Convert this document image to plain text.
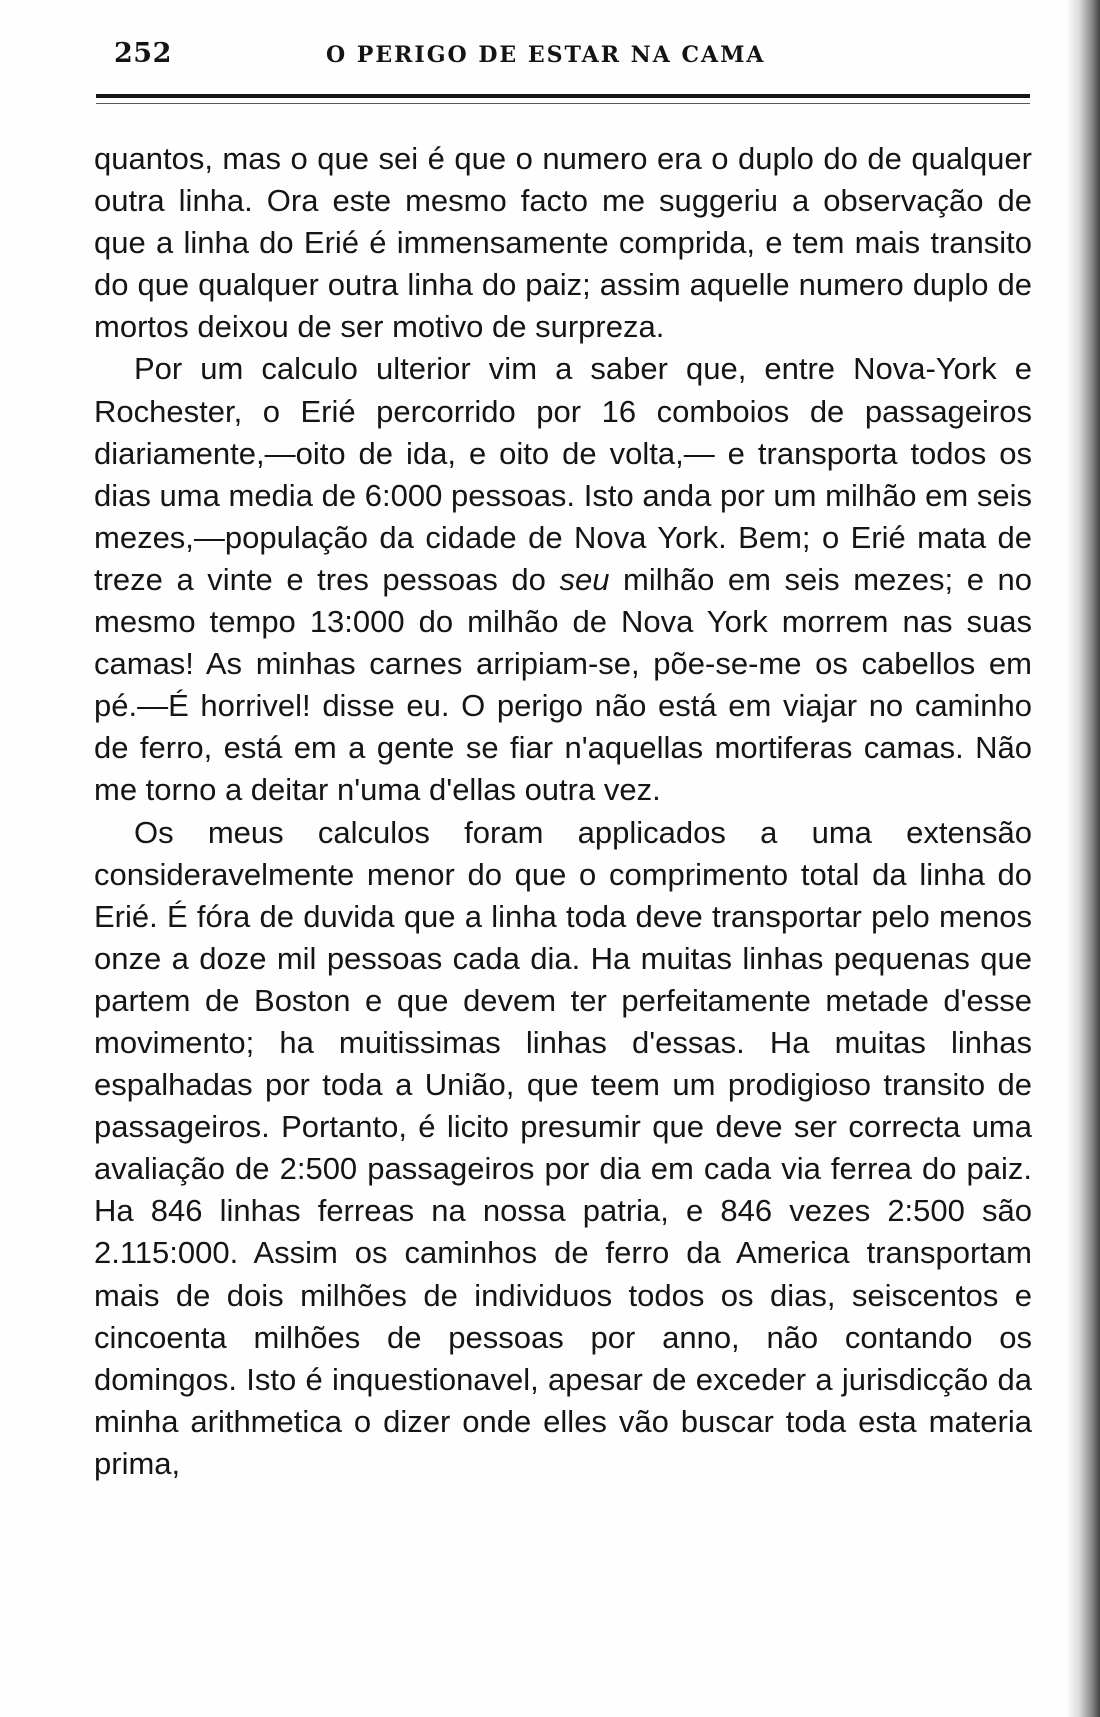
252	O PERIGO DE ESTAR NA CAMA

quantos, mas o que sei é que o numero era o duplo do de qualquer outra linha. Ora este mesmo facto me suggeriu a observação de que a linha do Erié é immensamente comprida, e tem mais transito do que qualquer outra linha do paiz; assim aquelle numero duplo de mortos deixou de ser motivo de surpreza.

Por um calculo ulterior vim a saber que, entre Nova-York e Rochester, o Erié percorrido por 16 comboios de passageiros diariamente,—oito de ida, e oito de volta,— e transporta todos os dias uma media de 6:000 pessoas. Isto anda por um milhão em seis mezes,—população da cidade de Nova York. Bem; o Erié mata de treze a vinte e tres pessoas do seu milhão em seis mezes; e no mesmo tempo 13:000 do milhão de Nova York morrem nas suas camas! As minhas carnes arripiam-se, põe-se-me os cabellos em pé.—É horrivel! disse eu. O perigo não está em viajar no caminho de ferro, está em a gente se fiar n'aquellas mortiferas camas. Não me torno a deitar n'uma d'ellas outra vez.

Os meus calculos foram applicados a uma extensão consideravelmente menor do que o comprimento total da linha do Erié. É fóra de duvida que a linha toda deve transportar pelo menos onze a doze mil pessoas cada dia. Ha muitas linhas pequenas que partem de Boston e que devem ter perfeitamente metade d'esse movimento; ha muitissimas linhas d'essas. Ha muitas linhas espalhadas por toda a União, que teem um prodigioso transito de passageiros. Portanto, é licito presumir que deve ser correcta uma avaliação de 2:500 passageiros por dia em cada via ferrea do paiz. Ha 846 linhas ferreas na nossa patria, e 846 vezes 2:500 são 2.115:000. Assim os caminhos de ferro da America transportam mais de dois milhões de individuos todos os dias, seiscentos e cincoenta milhões de pessoas por anno, não contando os domingos. Isto é inquestionavel, apesar de exceder a jurisdicção da minha arithmetica o dizer onde elles vão buscar toda esta materia prima,
